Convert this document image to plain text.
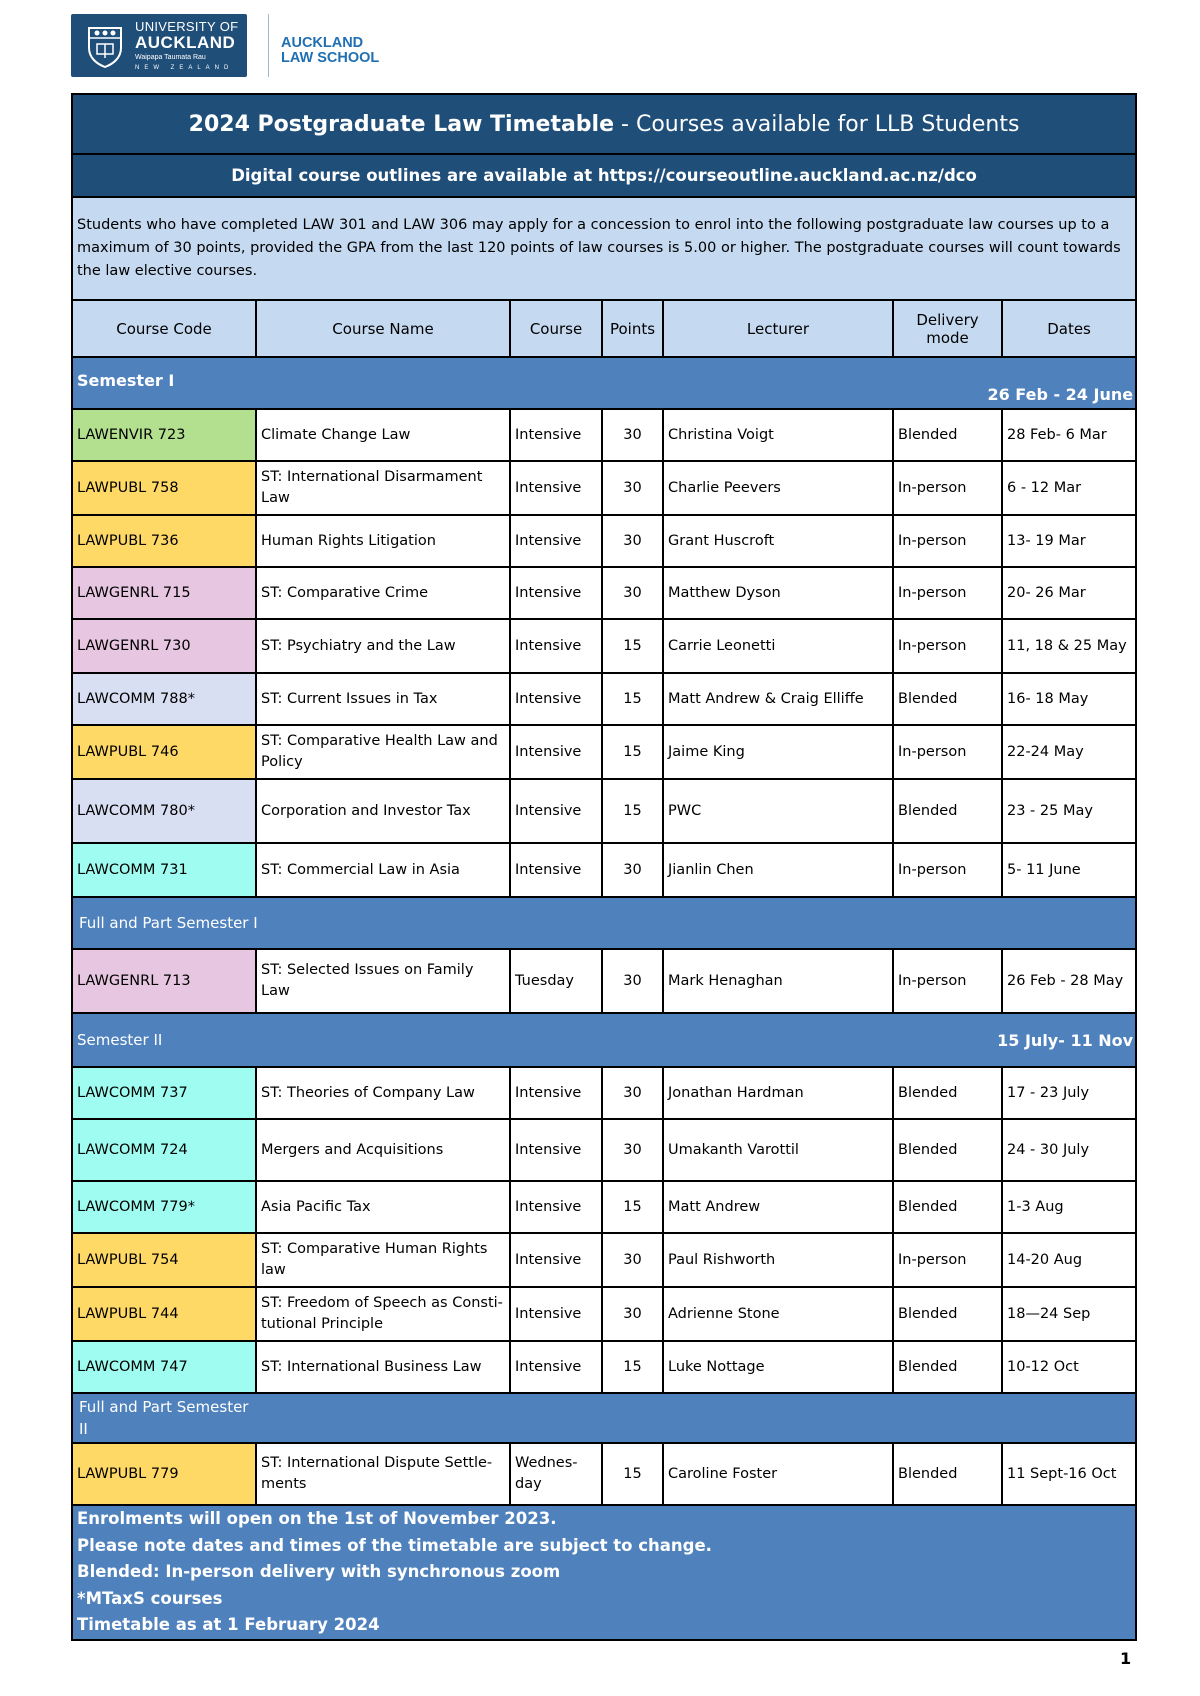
UNIVERSITY OF
AUCKLAND
Waipapa Taumata Rau
NEW ZEALAND
AUCKLAND
LAW SCHOOL
2024 Postgraduate Law Timetable - Courses available for LLB Students						
Digital course outlines are available at https://courseoutline.auckland.ac.nz/dco						
Students who have completed LAW 301 and LAW 306 may apply for a concession to enrol into the following postgraduate law courses up to a maximum of 30 points, provided the GPA from the last 120 points of law courses is 5.00 or higher. The postgraduate courses will count towards the law elective courses.						
Course Code	Course Name	Course	Points	Lecturer	Delivery mode	Dates

Semester I
26 Feb - 24 June						

LAWENVIR 723	Climate Change Law	Intensive	30	Christina Voigt	Blended	28 Feb- 6 Mar
LAWPUBL 758	ST: International Disarmament Law	Intensive	30	Charlie Peevers	In-person	6 - 12 Mar
LAWPUBL 736	Human Rights Litigation	Intensive	30	Grant Huscroft	In-person	13- 19 Mar
LAWGENRL 715	ST: Comparative Crime	Intensive	30	Matthew Dyson	In-person	20- 26 Mar
LAWGENRL 730	ST: Psychiatry and the Law	Intensive	15	Carrie Leonetti	In-person	11, 18 & 25 May
LAWCOMM 788*	ST: Current Issues in Tax	Intensive	15	Matt Andrew & Craig Elliffe	Blended	16- 18 May
LAWPUBL 746	ST: Comparative Health Law and Policy	Intensive	15	Jaime King	In-person	22-24 May
LAWCOMM 780*	Corporation and Investor Tax	Intensive	15	PWC	Blended	23 - 25 May
LAWCOMM 731	ST: Commercial Law in Asia	Intensive	30	Jianlin Chen	In-person	5- 11 June
Full and Part Semester I						
LAWGENRL 713	ST: Selected Issues on Family Law	Tuesday	30	Mark Henaghan	In-person	26 Feb - 28 May

Semester II 15 July- 11 Nov						

LAWCOMM 737	ST: Theories of Company Law	Intensive	30	Jonathan Hardman	Blended	17 - 23 July
LAWCOMM 724	Mergers and Acquisitions	Intensive	30	Umakanth Varottil	Blended	24 - 30 July
LAWCOMM 779*	Asia Pacific Tax	Intensive	15	Matt Andrew	Blended	1-3 Aug
LAWPUBL 754	ST: Comparative Human Rights law	Intensive	30	Paul Rishworth	In-person	14-20 Aug
LAWPUBL 744	ST: Freedom of Speech as Consti-tutional Principle	Intensive	30	Adrienne Stone	Blended	18—24 Sep
LAWCOMM 747	ST: International Business Law	Intensive	15	Luke Nottage	Blended	10-12 Oct

Full and Part Semester II						

LAWPUBL 779	ST: International Dispute Settle-ments	Wednes-day	15	Caroline Foster	Blended	11 Sept-16 Oct

Enrolments will open on the 1st of November 2023.
Please note dates and times of the timetable are subject to change.
Blended: In-person delivery with synchronous zoom
*MTaxS courses
Timetable as at 1 February 2024						
1
